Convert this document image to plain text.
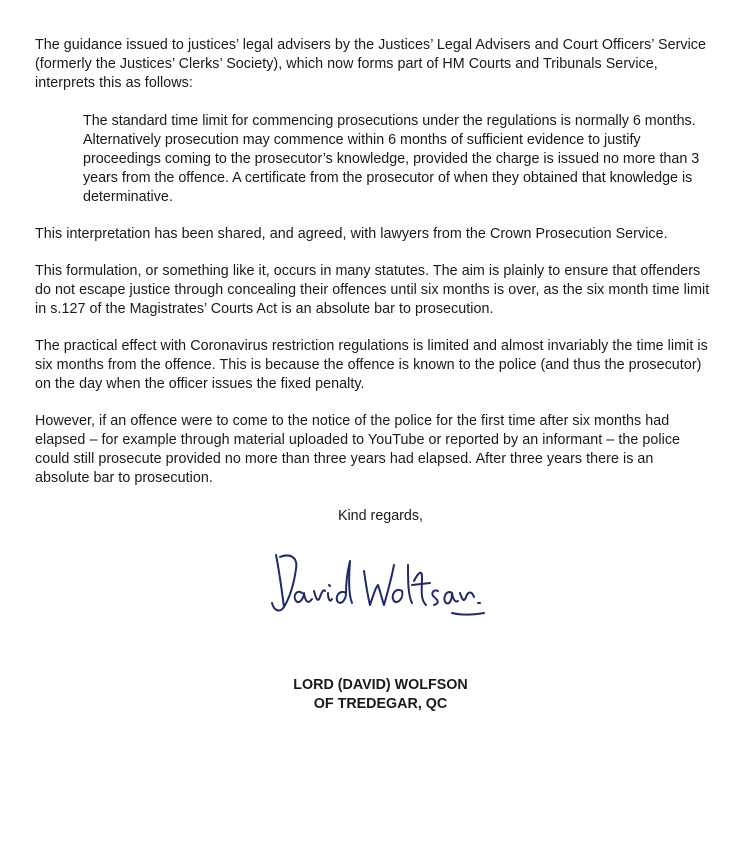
The guidance issued to justices’ legal advisers by the Justices’ Legal Advisers and Court Officers’ Service
(formerly the Justices’ Clerks’ Society), which now forms part of HM Courts and Tribunals Service,
interprets this as follows:

The standard time limit for commencing prosecutions under the regulations is normally 6 months.
Alternatively prosecution may commence within 6 months of sufficient evidence to justify
proceedings coming to the prosecutor’s knowledge, provided the charge is issued no more than 3
years from the offence. A certificate from the prosecutor of when they obtained that knowledge is
determinative.

This interpretation has been shared, and agreed, with lawyers from the Crown Prosecution Service.

This formulation, or something like it, occurs in many statutes. The aim is plainly to ensure that offenders
do not escape justice through concealing their offences until six months is over, as the six month time limit
in s.127 of the Magistrates’ Courts Act is an absolute bar to prosecution.

The practical effect with Coronavirus restriction regulations is limited and almost invariably the time limit is
six months from the offence. This is because the offence is known to the police (and thus the prosecutor)
on the day when the officer issues the fixed penalty.

However, if an offence were to come to the notice of the police for the first time after six months had
elapsed – for example through material uploaded to YouTube or reported by an informant – the police
could still prosecute provided no more than three years had elapsed. After three years there is an
absolute bar to prosecution.

Kind regards,

LORD (DAVID) WOLFSON
OF TREDEGAR, QC
